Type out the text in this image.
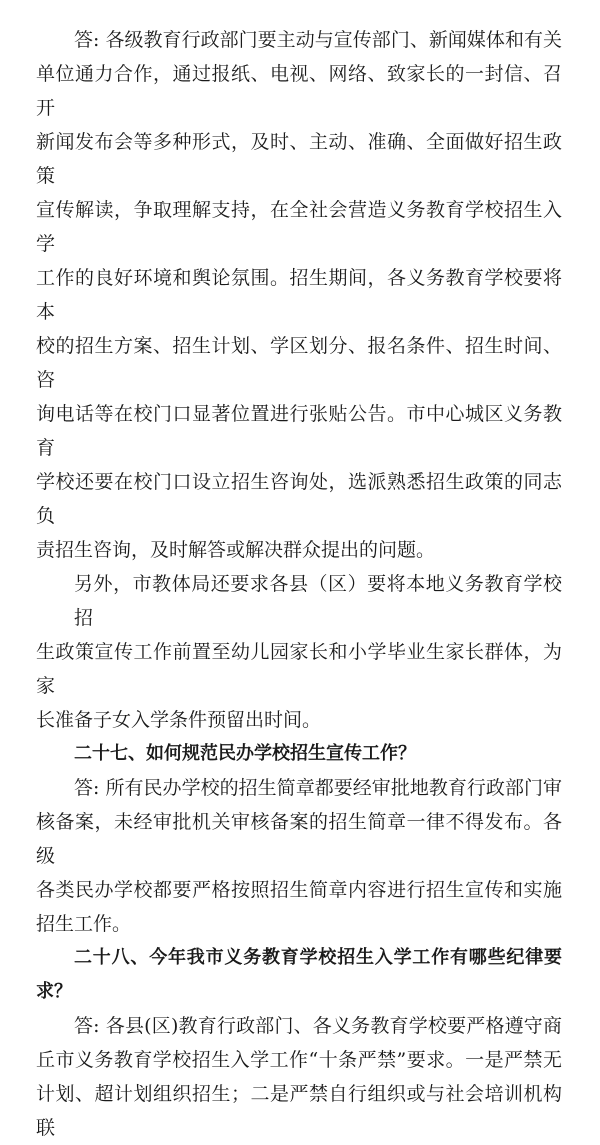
答: 各级教育行政部门要主动与宣传部门、新闻媒体和有关
单位通力合作，通过报纸、电视、网络、致家长的一封信、召开
新闻发布会等多种形式，及时、主动、准确、全面做好招生政策
宣传解读，争取理解支持，在全社会营造义务教育学校招生入学
工作的良好环境和舆论氛围。招生期间，各义务教育学校要将本
校的招生方案、招生计划、学区划分、报名条件、招生时间、咨
询电话等在校门口显著位置进行张贴公告。市中心城区义务教育
学校还要在校门口设立招生咨询处，选派熟悉招生政策的同志负
责招生咨询，及时解答或解决群众提出的问题。
另外，市教体局还要求各县（区）要将本地义务教育学校招
生政策宣传工作前置至幼儿园家长和小学毕业生家长群体，为家
长准备子女入学条件预留出时间。
二十七、如何规范民办学校招生宣传工作？
答: 所有民办学校的招生简章都要经审批地教育行政部门审
核备案，未经审批机关审核备案的招生简章一律不得发布。各级
各类民办学校都要严格按照招生简章内容进行招生宣传和实施
招生工作。
二十八、今年我市义务教育学校招生入学工作有哪些纪律要
求？
答: 各县(区)教育行政部门、各义务教育学校要严格遵守商
丘市义务教育学校招生入学工作“十条严禁”要求。一是严禁无
计划、超计划组织招生；二是严禁自行组织或与社会培训机构联
